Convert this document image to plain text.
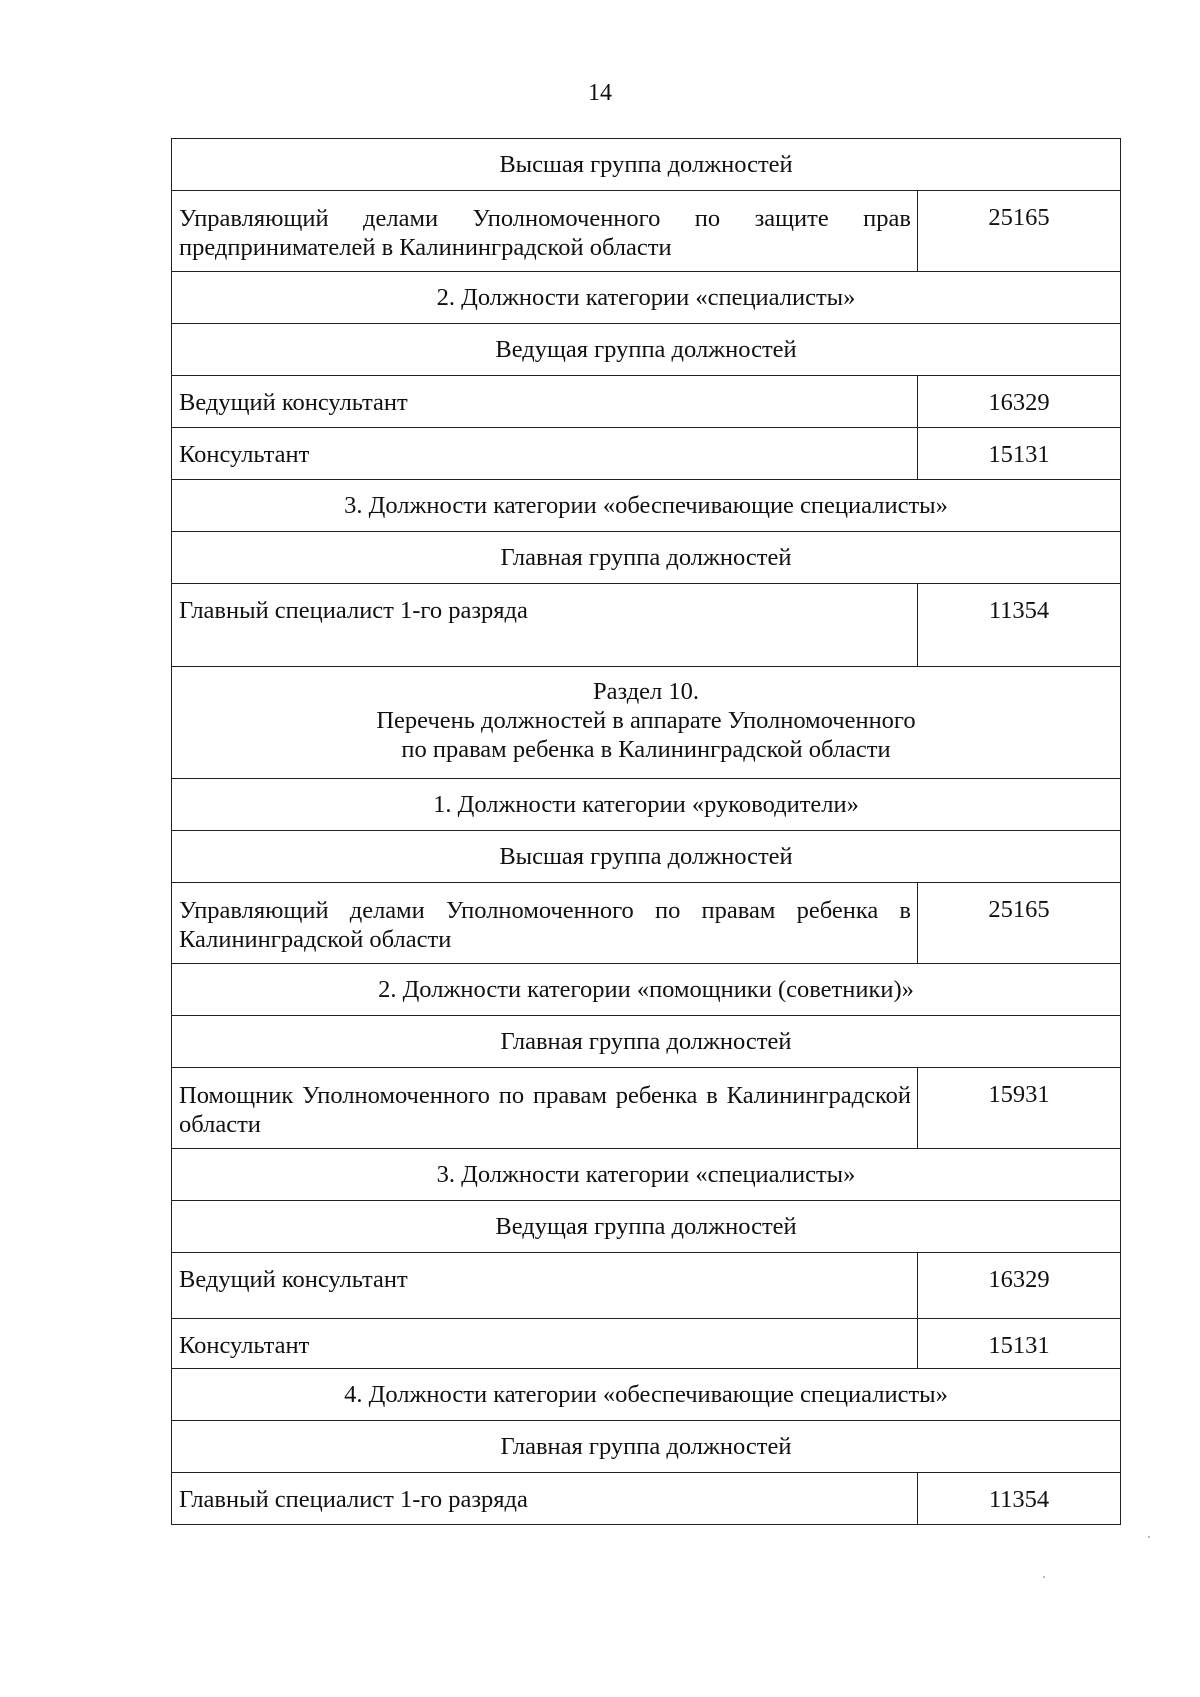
14
Высшая группа должностей	
Управляющий делами Уполномоченного по защите прав предпринимателей в Калининградской области	25165
2. Должности категории «специалисты»	
Ведущая группа должностей	
Ведущий консультант	16329
Консультант	15131
3. Должности категории «обеспечивающие специалисты»	
Главная группа должностей	
Главный специалист 1-го разряда	11354

Раздел 10.
Перечень должностей в аппарате Уполномоченного
по правам ребенка в Калининградской области	

1. Должности категории «руководители»	
Высшая группа должностей	
Управляющий делами Уполномоченного по правам ребенка в Калининградской области	25165
2. Должности категории «помощники (советники)»	
Главная группа должностей	
Помощник Уполномоченного по правам ребенка в Калининградской области	15931
3. Должности категории «специалисты»	
Ведущая группа должностей	
Ведущий консультант	16329
Консультант	15131
4. Должности категории «обеспечивающие специалисты»	
Главная группа должностей	
Главный специалист 1-го разряда	11354
